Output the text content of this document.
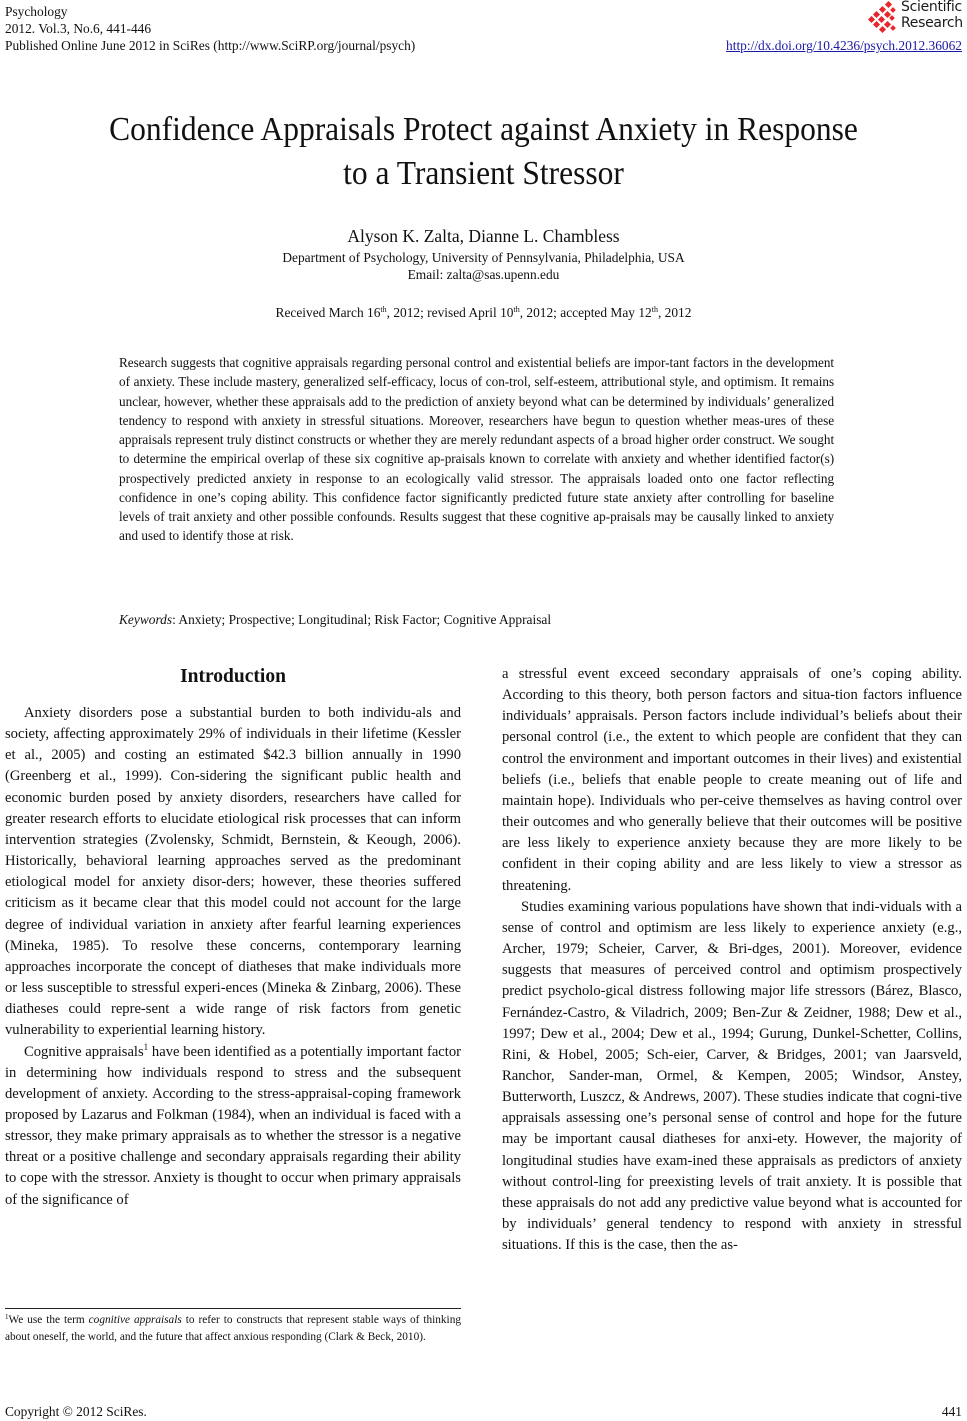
Psychology
2012. Vol.3, No.6, 441-446
Published Online June 2012 in SciRes (http://www.SciRP.org/journal/psych)
Scientific
Research
http://dx.doi.org/10.4236/psych.2012.36062
Confidence Appraisals Protect against Anxiety in Response
to a Transient Stressor
Alyson K. Zalta, Dianne L. Chambless
Department of Psychology, University of Pennsylvania, Philadelphia, USA
Email: zalta@sas.upenn.edu
Received March 16th, 2012; revised April 10th, 2012; accepted May 12th, 2012

Research suggests that cognitive appraisals regarding personal control and existential beliefs are impor-tant factors in the development of anxiety. These include mastery, generalized self-efficacy, locus of con-trol, self-esteem, attributional style, and optimism. It remains unclear, however, whether these appraisals add to the prediction of anxiety beyond what can be determined by individuals’ generalized tendency to respond with anxiety in stressful situations. Moreover, researchers have begun to question whether meas-ures of these appraisals represent truly distinct constructs or whether they are merely redundant aspects of a broad higher order construct. We sought to determine the empirical overlap of these six cognitive ap-praisals known to correlate with anxiety and whether identified factor(s) prospectively predicted anxiety in response to an ecologically valid stressor. The appraisals loaded onto one factor reflecting confidence in one’s coping ability. This confidence factor significantly predicted future state anxiety after controlling for baseline levels of trait anxiety and other possible confounds. Results suggest that these cognitive ap-praisals may be causally linked to anxiety and used to identify those at risk.

Keywords: Anxiety; Prospective; Longitudinal; Risk Factor; Cognitive Appraisal
Introduction

Anxiety disorders pose a substantial burden to both individu-als and society, affecting approximately 29% of individuals in their lifetime (Kessler et al., 2005) and costing an estimated $42.3 billion annually in 1990 (Greenberg et al., 1999). Con-sidering the significant public health and economic burden posed by anxiety disorders, researchers have called for greater research efforts to elucidate etiological risk processes that can inform intervention strategies (Zvolensky, Schmidt, Bernstein, & Keough, 2006). Historically, behavioral learning approaches served as the predominant etiological model for anxiety disor-ders; however, these theories suffered criticism as it became clear that this model could not account for the large degree of individual variation in anxiety after fearful learning experiences (Mineka, 1985). To resolve these concerns, contemporary learning approaches incorporate the concept of diatheses that make individuals more or less susceptible to stressful experi-ences (Mineka & Zinbarg, 2006). These diatheses could repre-sent a wide range of risk factors from genetic vulnerability to experiential learning history.

Cognitive appraisals$^1$ have been identified as a potentially important factor in determining how individuals respond to stress and the subsequent development of anxiety. According to the stress-appraisal-coping framework proposed by Lazarus and Folkman (1984), when an individual is faced with a stressor, they make primary appraisals as to whether the stressor is a negative threat or a positive challenge and secondary appraisals regarding their ability to cope with the stressor. Anxiety is thought to occur when primary appraisals of the significance of

a stressful event exceed secondary appraisals of one’s coping ability. According to this theory, both person factors and situa-tion factors influence individuals’ appraisals. Person factors include individual’s beliefs about their personal control (i.e., the extent to which people are confident that they can control the environment and important outcomes in their lives) and existential beliefs (i.e., beliefs that enable people to create meaning out of life and maintain hope). Individuals who per-ceive themselves as having control over their outcomes and who generally believe that their outcomes will be positive are less likely to experience anxiety because they are more likely to be confident in their coping ability and are less likely to view a stressor as threatening.

Studies examining various populations have shown that indi-viduals with a sense of control and optimism are less likely to experience anxiety (e.g., Archer, 1979; Scheier, Carver, & Bri-dges, 2001). Moreover, evidence suggests that measures of perceived control and optimism prospectively predict psycholo-gical distress following major life stressors (Bárez, Blasco, Fernández-Castro, & Viladrich, 2009; Ben-Zur & Zeidner, 1988; Dew et al., 1997; Dew et al., 2004; Dew et al., 1994; Gurung, Dunkel-Schetter, Collins, Rini, & Hobel, 2005; Sch-eier, Carver, & Bridges, 2001; van Jaarsveld, Ranchor, Sander-man, Ormel, & Kempen, 2005; Windsor, Anstey, Butterworth, Luszcz, & Andrews, 2007). These studies indicate that cogni-tive appraisals assessing one’s personal sense of control and hope for the future may be important causal diatheses for anxi-ety. However, the majority of longitudinal studies have exam-ined these appraisals as predictors of anxiety without control-ling for preexisting levels of trait anxiety. It is possible that these appraisals do not add any predictive value beyond what is accounted for by individuals’ general tendency to respond with anxiety in stressful situations. If this is the case, then the as-

$^1$We use the term cognitive appraisals to refer to constructs that represent stable ways of thinking about oneself, the world, and the future that affect anxious responding (Clark & Beck, 2010).
Copyright © 2012 SciRes.	441
